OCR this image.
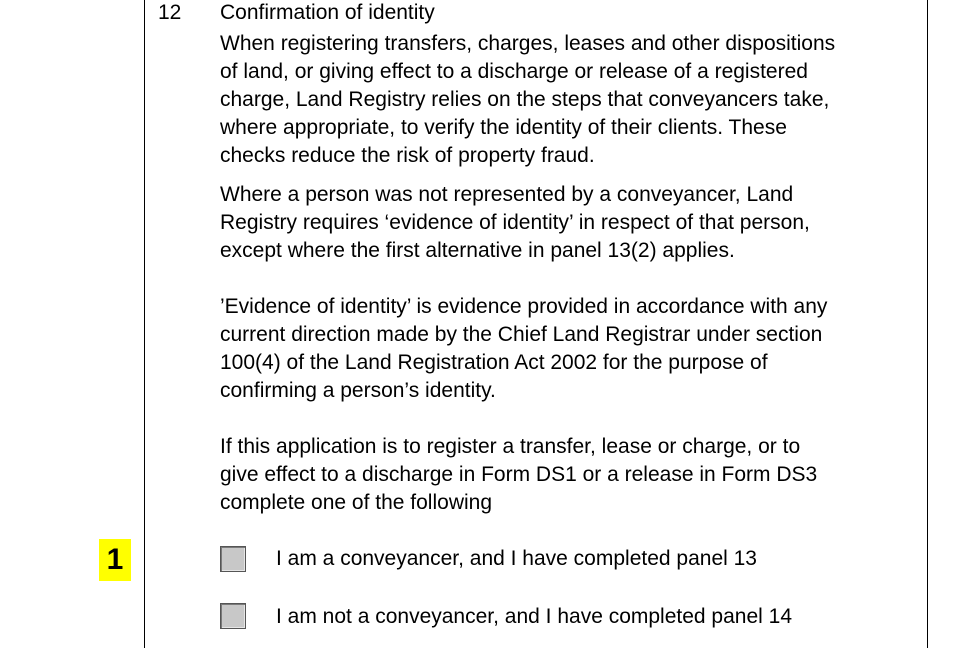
12 Confirmation of identity
When registering transfers, charges, leases and other dispositions
of land, or giving effect to a discharge or release of a registered
charge, Land Registry relies on the steps that conveyancers take,
where appropriate, to verify the identity of their clients. These
checks reduce the risk of property fraud.
Where a person was not represented by a conveyancer, Land
Registry requires ‘evidence of identity’ in respect of that person,
except where the first alternative in panel 13(2) applies.
’Evidence of identity’ is evidence provided in accordance with any
current direction made by the Chief Land Registrar under section
100(4) of the Land Registration Act 2002 for the purpose of
confirming a person’s identity.
If this application is to register a transfer, lease or charge, or to
give effect to a discharge in Form DS1 or a release in Form DS3
complete one of the following
1	I am a conveyancer, and I have completed panel 13
I am not a conveyancer, and I have completed panel 14
